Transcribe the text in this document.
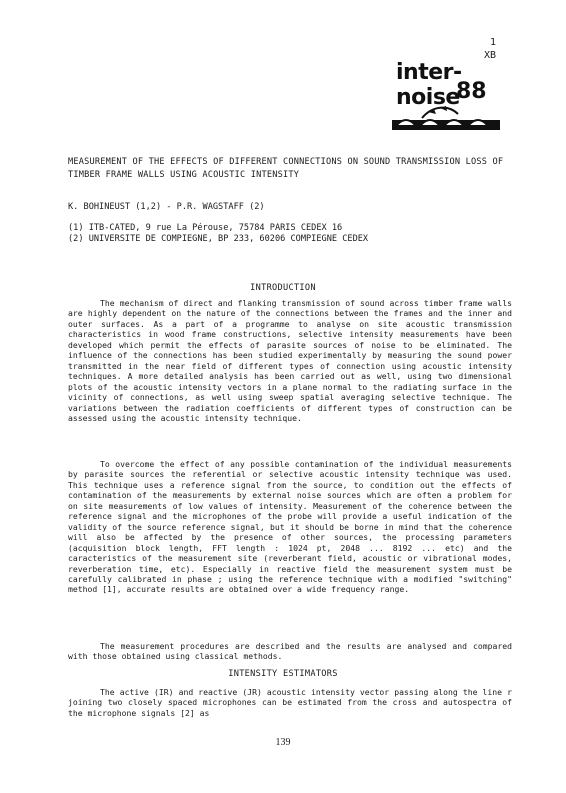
1
XB
inter-noise
88
MEASUREMENT OF THE EFFECTS OF DIFFERENT CONNECTIONS ON SOUND TRANSMISSION LOSS OF TIMBER FRAME WALLS USING ACOUSTIC INTENSITY
K. BOHINEUST (1,2) - P.R. WAGSTAFF (2)
(1) ITB-CATED, 9 rue La Pérouse, 75784 PARIS CEDEX 16
(2) UNIVERSITE DE COMPIEGNE, BP 233, 60206 COMPIEGNE CEDEX
INTRODUCTION

The mechanism of direct and flanking transmission of sound across timber frame walls are highly dependent on the nature of the connections between the frames and the inner and outer surfaces. As a part of a programme to analyse on site acoustic transmission characteristics in wood frame constructions, selective intensity measurements have been developed which permit the effects of parasite sources of noise to be eliminated. The influence of the connections has been studied experimentally by measuring the sound power transmitted in the near field of different types of connection using acoustic intensity techniques. A more detailed analysis has been carried out as well, using two dimensional plots of the acoustic intensity vectors in a plane normal to the radiating surface in the vicinity of connections, as well using sweep spatial averaging selective technique. The variations between the radiation coefficients of different types of construction can be assessed using the acoustic intensity technique.

To overcome the effect of any possible contamination of the individual measurements by parasite sources the referential or selective acoustic intensity technique was used. This technique uses a reference signal from the source, to condition out the effects of contamination of the measurements by external noise sources which are often a problem for on site measurements of low values of intensity. Measurement of the coherence between the reference signal and the microphones of the probe will provide a useful indication of the validity of the source reference signal, but it should be borne in mind that the coherence will also be affected by the presence of other sources, the processing parameters (acquisition block length, FFT length : 1024 pt, 2048 ... 8192 ... etc) and the caracteristics of the measurement site (reverberant field, acoustic or vibrational modes, reverberation time, etc). Especially in reactive field the measurement system must be carefully calibrated in phase ; using the reference technique with a modified "switching" method [1], accurate results are obtained over a wide frequency range.

The measurement procedures are described and the results are analysed and compared with those obtained using classical methods.

INTENSITY ESTIMATORS

The active (IR) and reactive (JR) acoustic intensity vector passing along the line r joining two closely spaced microphones can be estimated from the cross and autospectra of the microphone signals [2] as

139
